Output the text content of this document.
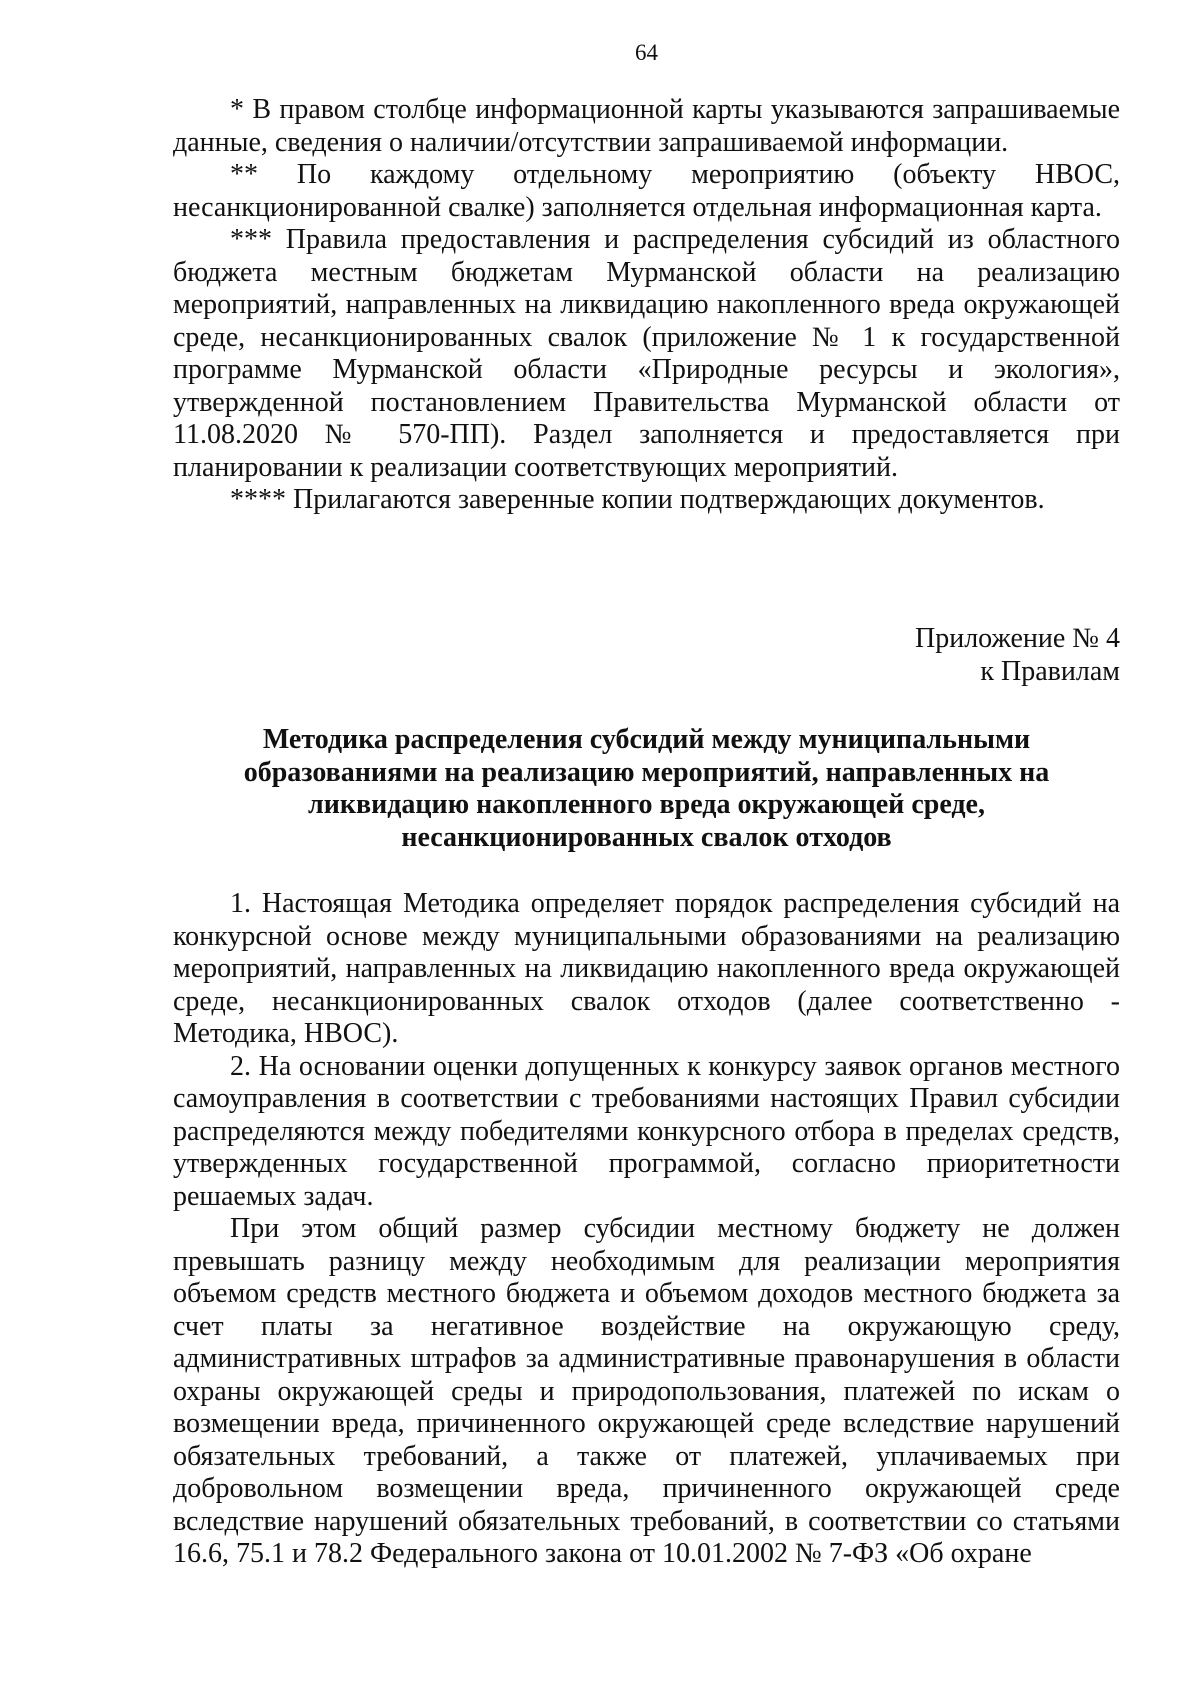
64

* В правом столбце информационной карты указываются запрашиваемые данные, сведения о наличии/отсутствии запрашиваемой информации.

** По каждому отдельному мероприятию (объекту НВОС, несанкционированной свалке) заполняется отдельная информационная карта.

*** Правила предоставления и распределения субсидий из областного бюджета местным бюджетам Мурманской области на реализацию мероприятий, направленных на ликвидацию накопленного вреда окружающей среде, несанкционированных свалок (приложение № 1 к государственной программе Мурманской области «Природные ресурсы и экология», утвержденной постановлением Правительства Мурманской области от 11.08.2020 № 570-ПП). Раздел заполняется и предоставляется при планировании к реализации соответствующих мероприятий.

**** Прилагаются заверенные копии подтверждающих документов.

Приложение № 4
к Правилам
Методика распределения субсидий между муниципальными
образованиями на реализацию мероприятий, направленных на
ликвидацию накопленного вреда окружающей среде,
несанкционированных свалок отходов

1. Настоящая Методика определяет порядок распределения субсидий на конкурсной основе между муниципальными образованиями на реализацию мероприятий, направленных на ликвидацию накопленного вреда окружающей среде, несанкционированных свалок отходов (далее соответственно - Методика, НВОС).

2. На основании оценки допущенных к конкурсу заявок органов местного самоуправления в соответствии с требованиями настоящих Правил субсидии распределяются между победителями конкурсного отбора в пределах средств, утвержденных государственной программой, согласно приоритетности решаемых задач.

При этом общий размер субсидии местному бюджету не должен превышать разницу между необходимым для реализации мероприятия объемом средств местного бюджета и объемом доходов местного бюджета за счет платы за негативное воздействие на окружающую среду, административных штрафов за административные правонарушения в области охраны окружающей среды и природопользования, платежей по искам о возмещении вреда, причиненного окружающей среде вследствие нарушений обязательных требований, а также от платежей, уплачиваемых при добровольном возмещении вреда, причиненного окружающей среде вследствие нарушений обязательных требований, в соответствии со статьями 16.6, 75.1 и 78.2 Федерального закона от 10.01.2002 № 7-ФЗ «Об охране
